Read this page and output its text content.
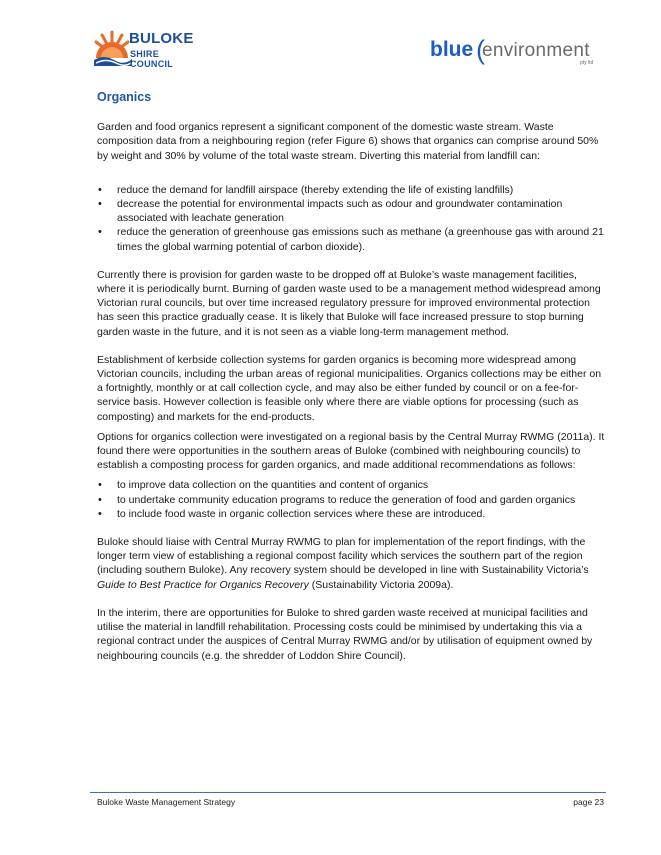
BULOKE
SHIRE COUNCIL
blue (
environment
pty ltd
Organics

Garden and food organics represent a significant component of the domestic waste stream. Waste composition data from a neighbouring region (refer Figure 6) shows that organics can comprise around 50% by weight and 30% by volume of the total waste stream. Diverting this material from landfill can:

• reduce the demand for landfill airspace (thereby extending the life of existing landfills)
• decrease the potential for environmental impacts such as odour and groundwater contamination associated with leachate generation
• reduce the generation of greenhouse gas emissions such as methane (a greenhouse gas with around 21 times the global warming potential of carbon dioxide).

Currently there is provision for garden waste to be dropped off at Buloke’s waste management facilities, where it is periodically burnt. Burning of garden waste used to be a management method widespread among Victorian rural councils, but over time increased regulatory pressure for improved environmental protection has seen this practice gradually cease. It is likely that Buloke will face increased pressure to stop burning garden waste in the future, and it is not seen as a viable long-term management method.

Establishment of kerbside collection systems for garden organics is becoming more widespread among Victorian councils, including the urban areas of regional municipalities. Organics collections may be either on a fortnightly, monthly or at call collection cycle, and may also be either funded by council or on a fee-for-service basis. However collection is feasible only where there are viable options for processing (such as composting) and markets for the end-products.

Options for organics collection were investigated on a regional basis by the Central Murray RWMG (2011a). It found there were opportunities in the southern areas of Buloke (combined with neighbouring councils) to establish a composting process for garden organics, and made additional recommendations as follows:

• to improve data collection on the quantities and content of organics
• to undertake community education programs to reduce the generation of food and garden organics
• to include food waste in organic collection services where these are introduced.

Buloke should liaise with Central Murray RWMG to plan for implementation of the report findings, with the longer term view of establishing a regional compost facility which services the southern part of the region (including southern Buloke). Any recovery system should be developed in line with Sustainability Victoria’s Guide to Best Practice for Organics Recovery (Sustainability Victoria 2009a).

In the interim, there are opportunities for Buloke to shred garden waste received at municipal facilities and utilise the material in landfill rehabilitation. Processing costs could be minimised by undertaking this via a regional contract under the auspices of Central Murray RWMG and/or by utilisation of equipment owned by neighbouring councils (e.g. the shredder of Loddon Shire Council).

Buloke Waste Management Strategy	page 23
